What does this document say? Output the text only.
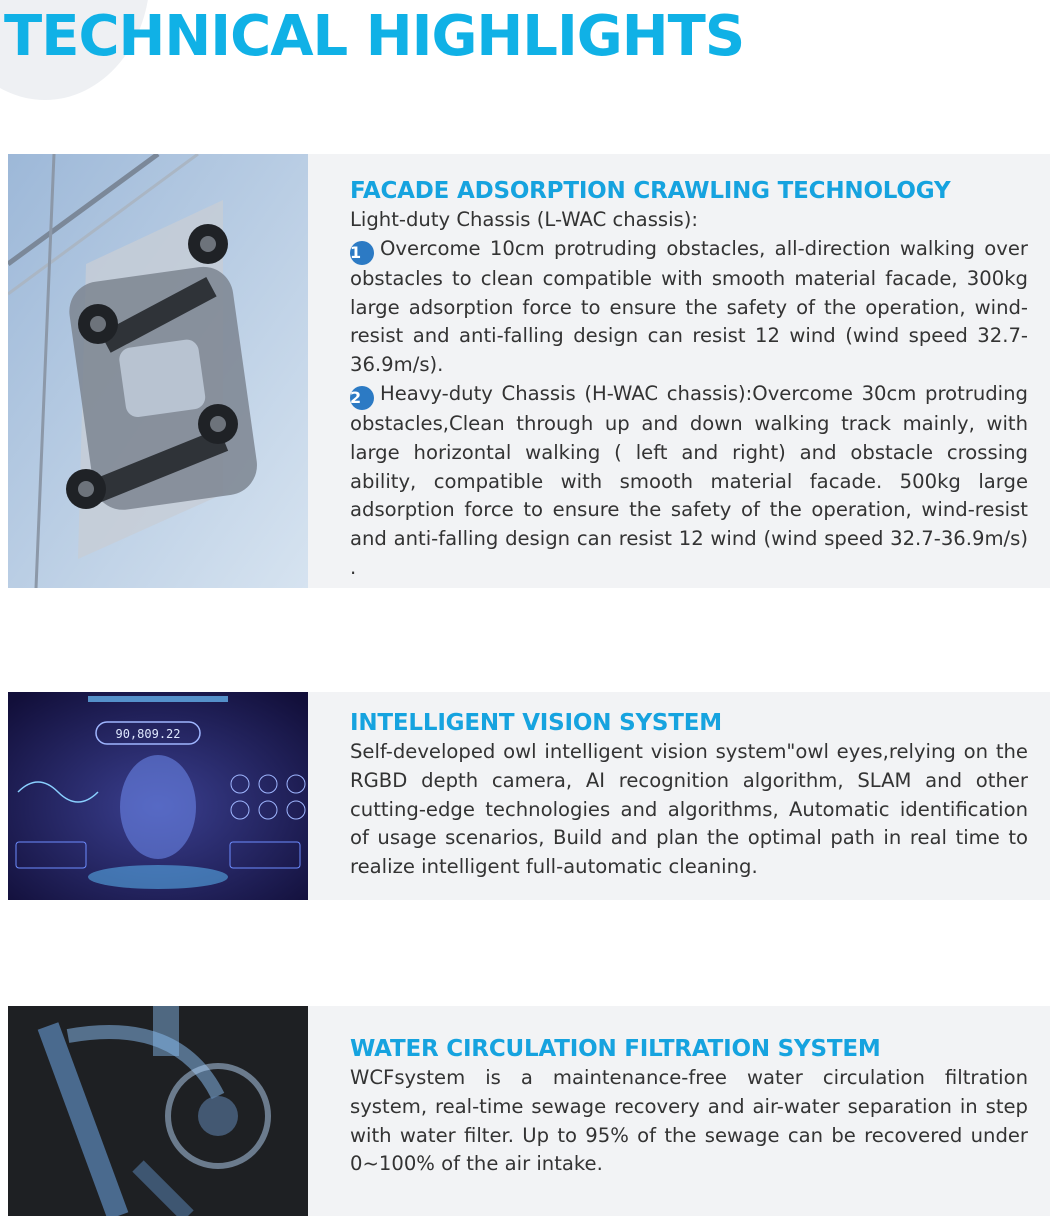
TECHNICAL HIGHLIGHTS
FACADE ADSORPTION CRAWLING TECHNOLOGY
Light-duty Chassis (L-WAC chassis):
1 Overcome 10cm protruding obstacles, all-direction walking over obstacles to clean compatible with smooth material facade, 300kg large adsorption force to ensure the safety of the operation, wind-resist and anti-falling design can resist 12 wind (wind speed 32.7-36.9m/s).
2 Heavy-duty Chassis (H-WAC chassis):Overcome 30cm protruding obstacles,Clean through up and down walking track mainly, with large horizontal walking ( left and right) and obstacle crossing ability, compatible with smooth material facade. 500kg large adsorption force to ensure the safety of the operation, wind-resist and anti-falling design can resist 12 wind (wind speed 32.7-36.9m/s) .
90,809.22	INTELLIGENT VISION SYSTEM

Self-developed owl intelligent vision system"owl eyes,relying on the RGBD depth camera, AI recognition algorithm, SLAM and other cutting-edge technologies and algorithms, Automatic identification of usage scenarios, Build and plan the optimal path in real time to realize intelligent full-automatic cleaning.

WATER CIRCULATION FILTRATION SYSTEM

WCFsystem is a maintenance-free water circulation filtration system, real-time sewage recovery and air-water separation in step with water filter. Up to 95% of the sewage can be recovered under 0~100% of the air intake.
